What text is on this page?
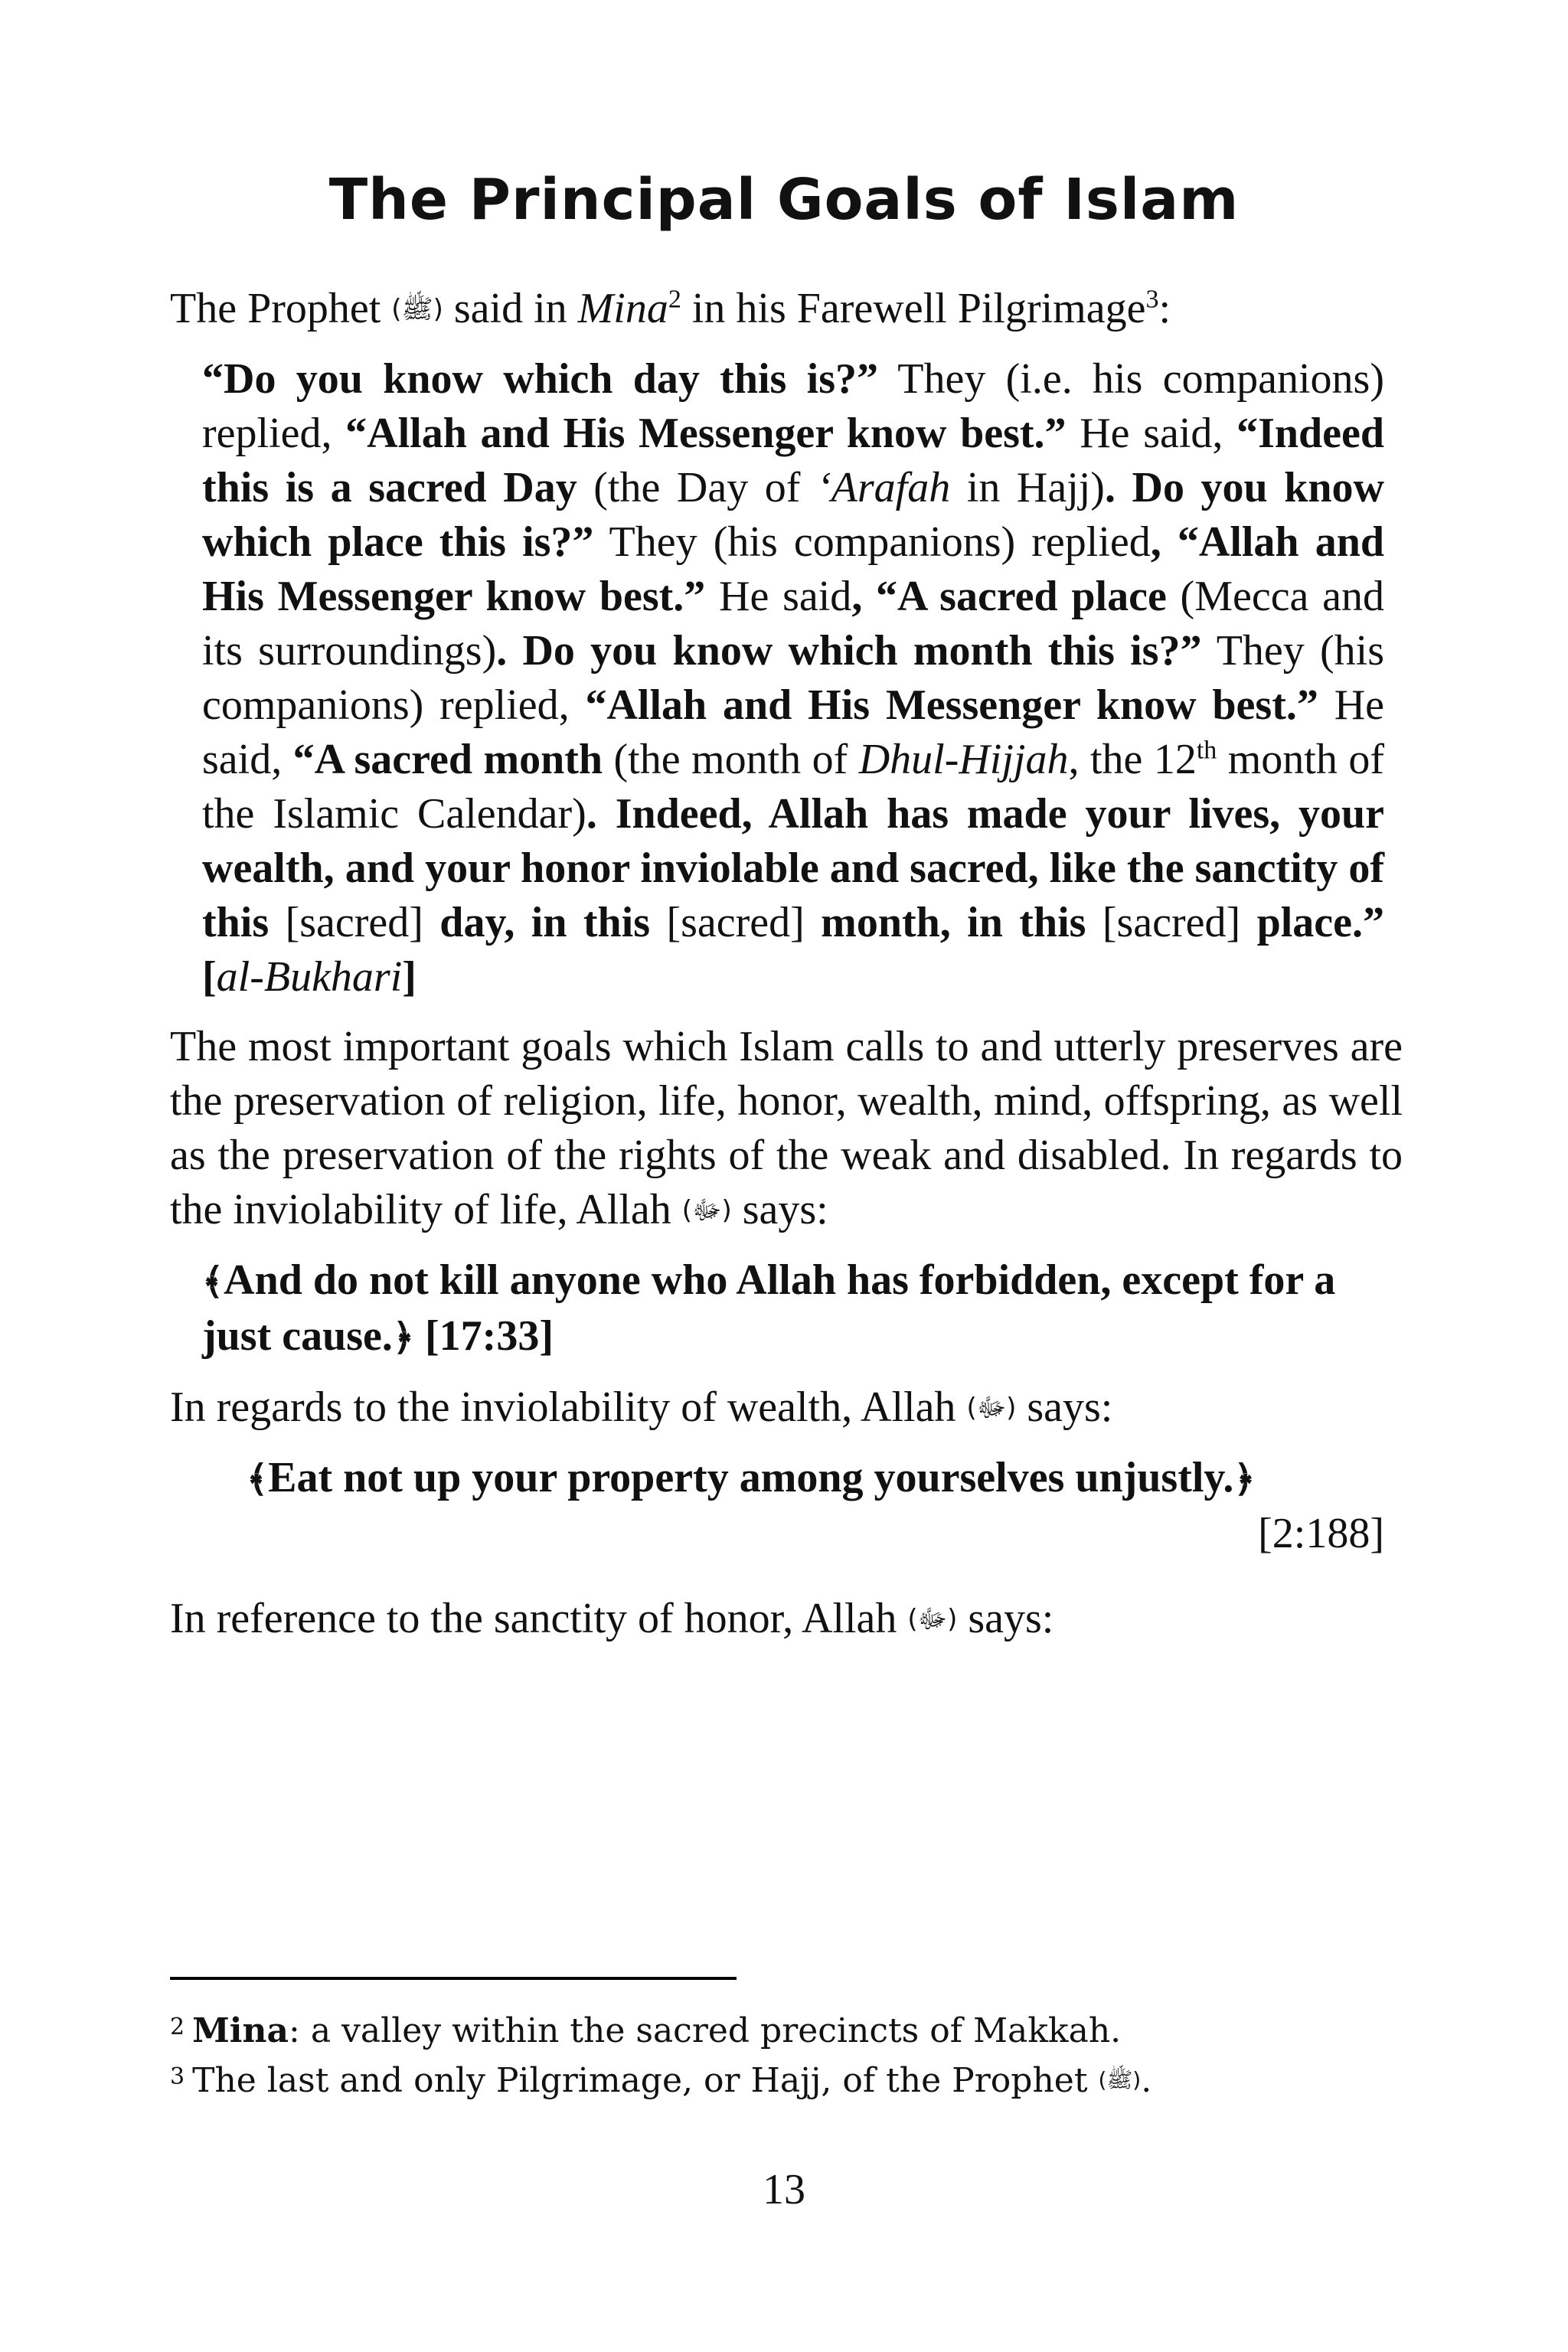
The Principal Goals of Islam

The Prophet (ﷺ) said in Mina$^2$ in his Farewell Pilgrimage$^3$:

“Do you know which day this is?” They (i.e. his companions) replied, “Allah and His Messenger know best.” He said, “Indeed this is a sacred Day (the Day of ‘Arafah in Hajj). Do you know which place this is?” They (his companions) replied, “Allah and His Messenger know best.” He said, “A sacred place (Mecca and its surroundings). Do you know which month this is?” They (his companions) replied, “Allah and His Messenger know best.” He said, “A sacred month (the month of Dhul-Hijjah, the 12th month of the Islamic Calendar). Indeed, Allah has made your lives, your wealth, and your honor inviolable and sacred, like the sanctity of this [sacred] day, in this [sacred] month, in this [sacred] place.” [al-Bukhari]

The most important goals which Islam calls to and utterly preserves are the preservation of religion, life, honor, wealth, mind, offspring, as well as the preservation of the rights of the weak and disabled. In regards to the inviolability of life, Allah (ﷻ) says:

﴾And do not kill anyone who Allah has forbidden, except for a just cause.﴿ [17:33]

In regards to the inviolability of wealth, Allah (ﷻ) says:

﴾Eat not up your property among yourselves unjustly.﴿

[2:188]

In reference to the sanctity of honor, Allah (ﷻ) says:

$^2$ Mina: a valley within the sacred precincts of Makkah.

$^3$ The last and only Pilgrimage, or Hajj, of the Prophet (ﷺ).

13
